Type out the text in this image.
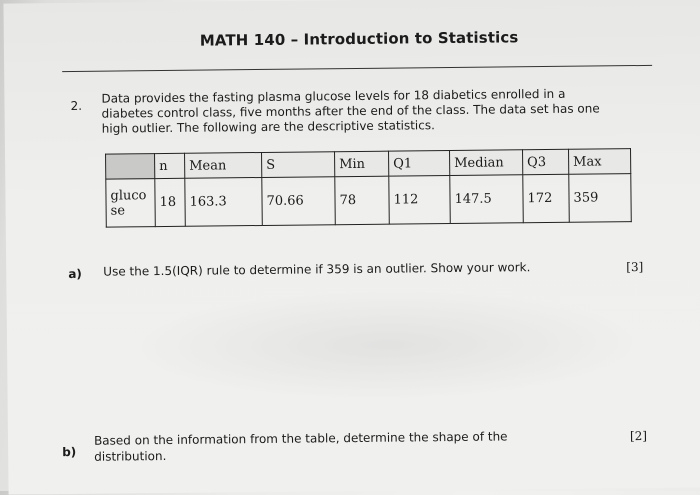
MATH 140 – Introduction to Statistics
2.
Data provides the fasting plasma glucose levels for 18 diabetics enrolled in a diabetes control class, five months after the end of the class. The data set has one high outlier. The following are the descriptive statistics.
	n	Mean	S	Min	Q1	Median	Q3	Max
gluco se	18	163.3	70.66	78	112	147.5	172	359
a) Use the 1.5(IQR) rule to determine if 359 is an outlier. Show your work.	[3]
b)
Based on the information from the table, determine the shape of the distribution.
[2]
